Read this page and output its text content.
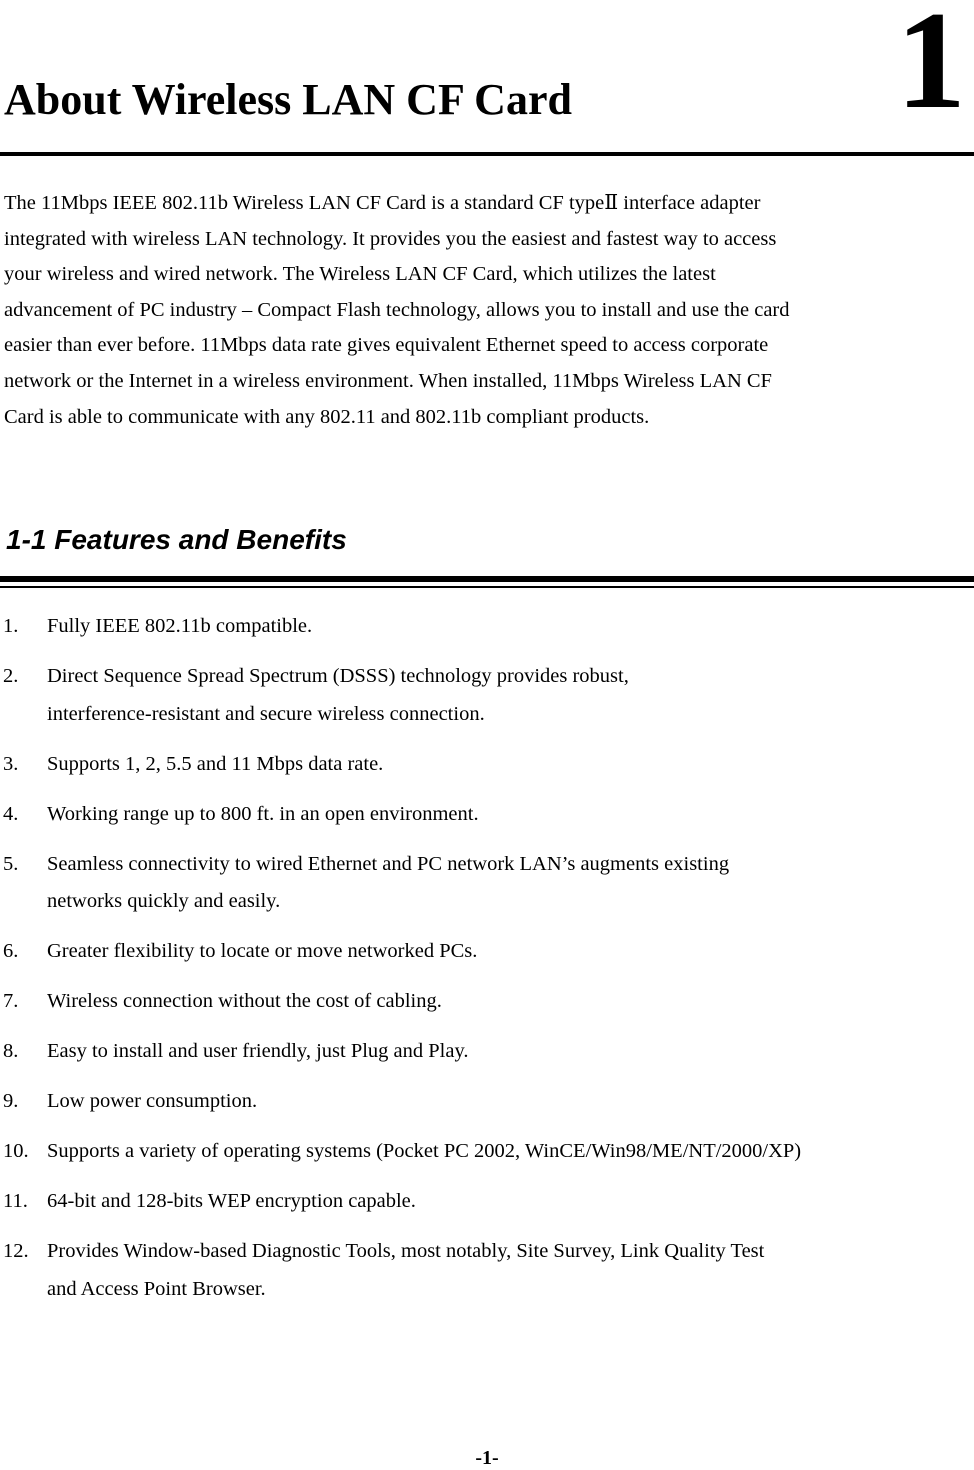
About Wireless LAN CF Card 1
The 11Mbps IEEE 802.11b Wireless LAN CF Card is a standard CF typeⅡ interface adapter
integrated with wireless LAN technology. It provides you the easiest and fastest way to access
your wireless and wired network. The Wireless LAN CF Card, which utilizes the latest
advancement of PC industry – Compact Flash technology, allows you to install and use the card
easier than ever before. 11Mbps data rate gives equivalent Ethernet speed to access corporate
network or the Internet in a wireless environment. When installed, 11Mbps Wireless LAN CF
Card is able to communicate with any 802.11 and 802.11b compliant products.
1-1 Features and Benefits
1. Fully IEEE 802.11b compatible.
2. Direct Sequence Spread Spectrum (DSSS) technology provides robust,
interference-resistant and secure wireless connection.
3. Supports 1, 2, 5.5 and 11 Mbps data rate.
4. Working range up to 800 ft. in an open environment.
5. Seamless connectivity to wired Ethernet and PC network LAN’s augments existing
networks quickly and easily.
6. Greater flexibility to locate or move networked PCs.
7. Wireless connection without the cost of cabling.
8. Easy to install and user friendly, just Plug and Play.
9. Low power consumption.
10. Supports a variety of operating systems (Pocket PC 2002, WinCE/Win98/ME/NT/2000/XP)
11. 64-bit and 128-bits WEP encryption capable.
12. Provides Window-based Diagnostic Tools, most notably, Site Survey, Link Quality Test
and Access Point Browser.
-1-
